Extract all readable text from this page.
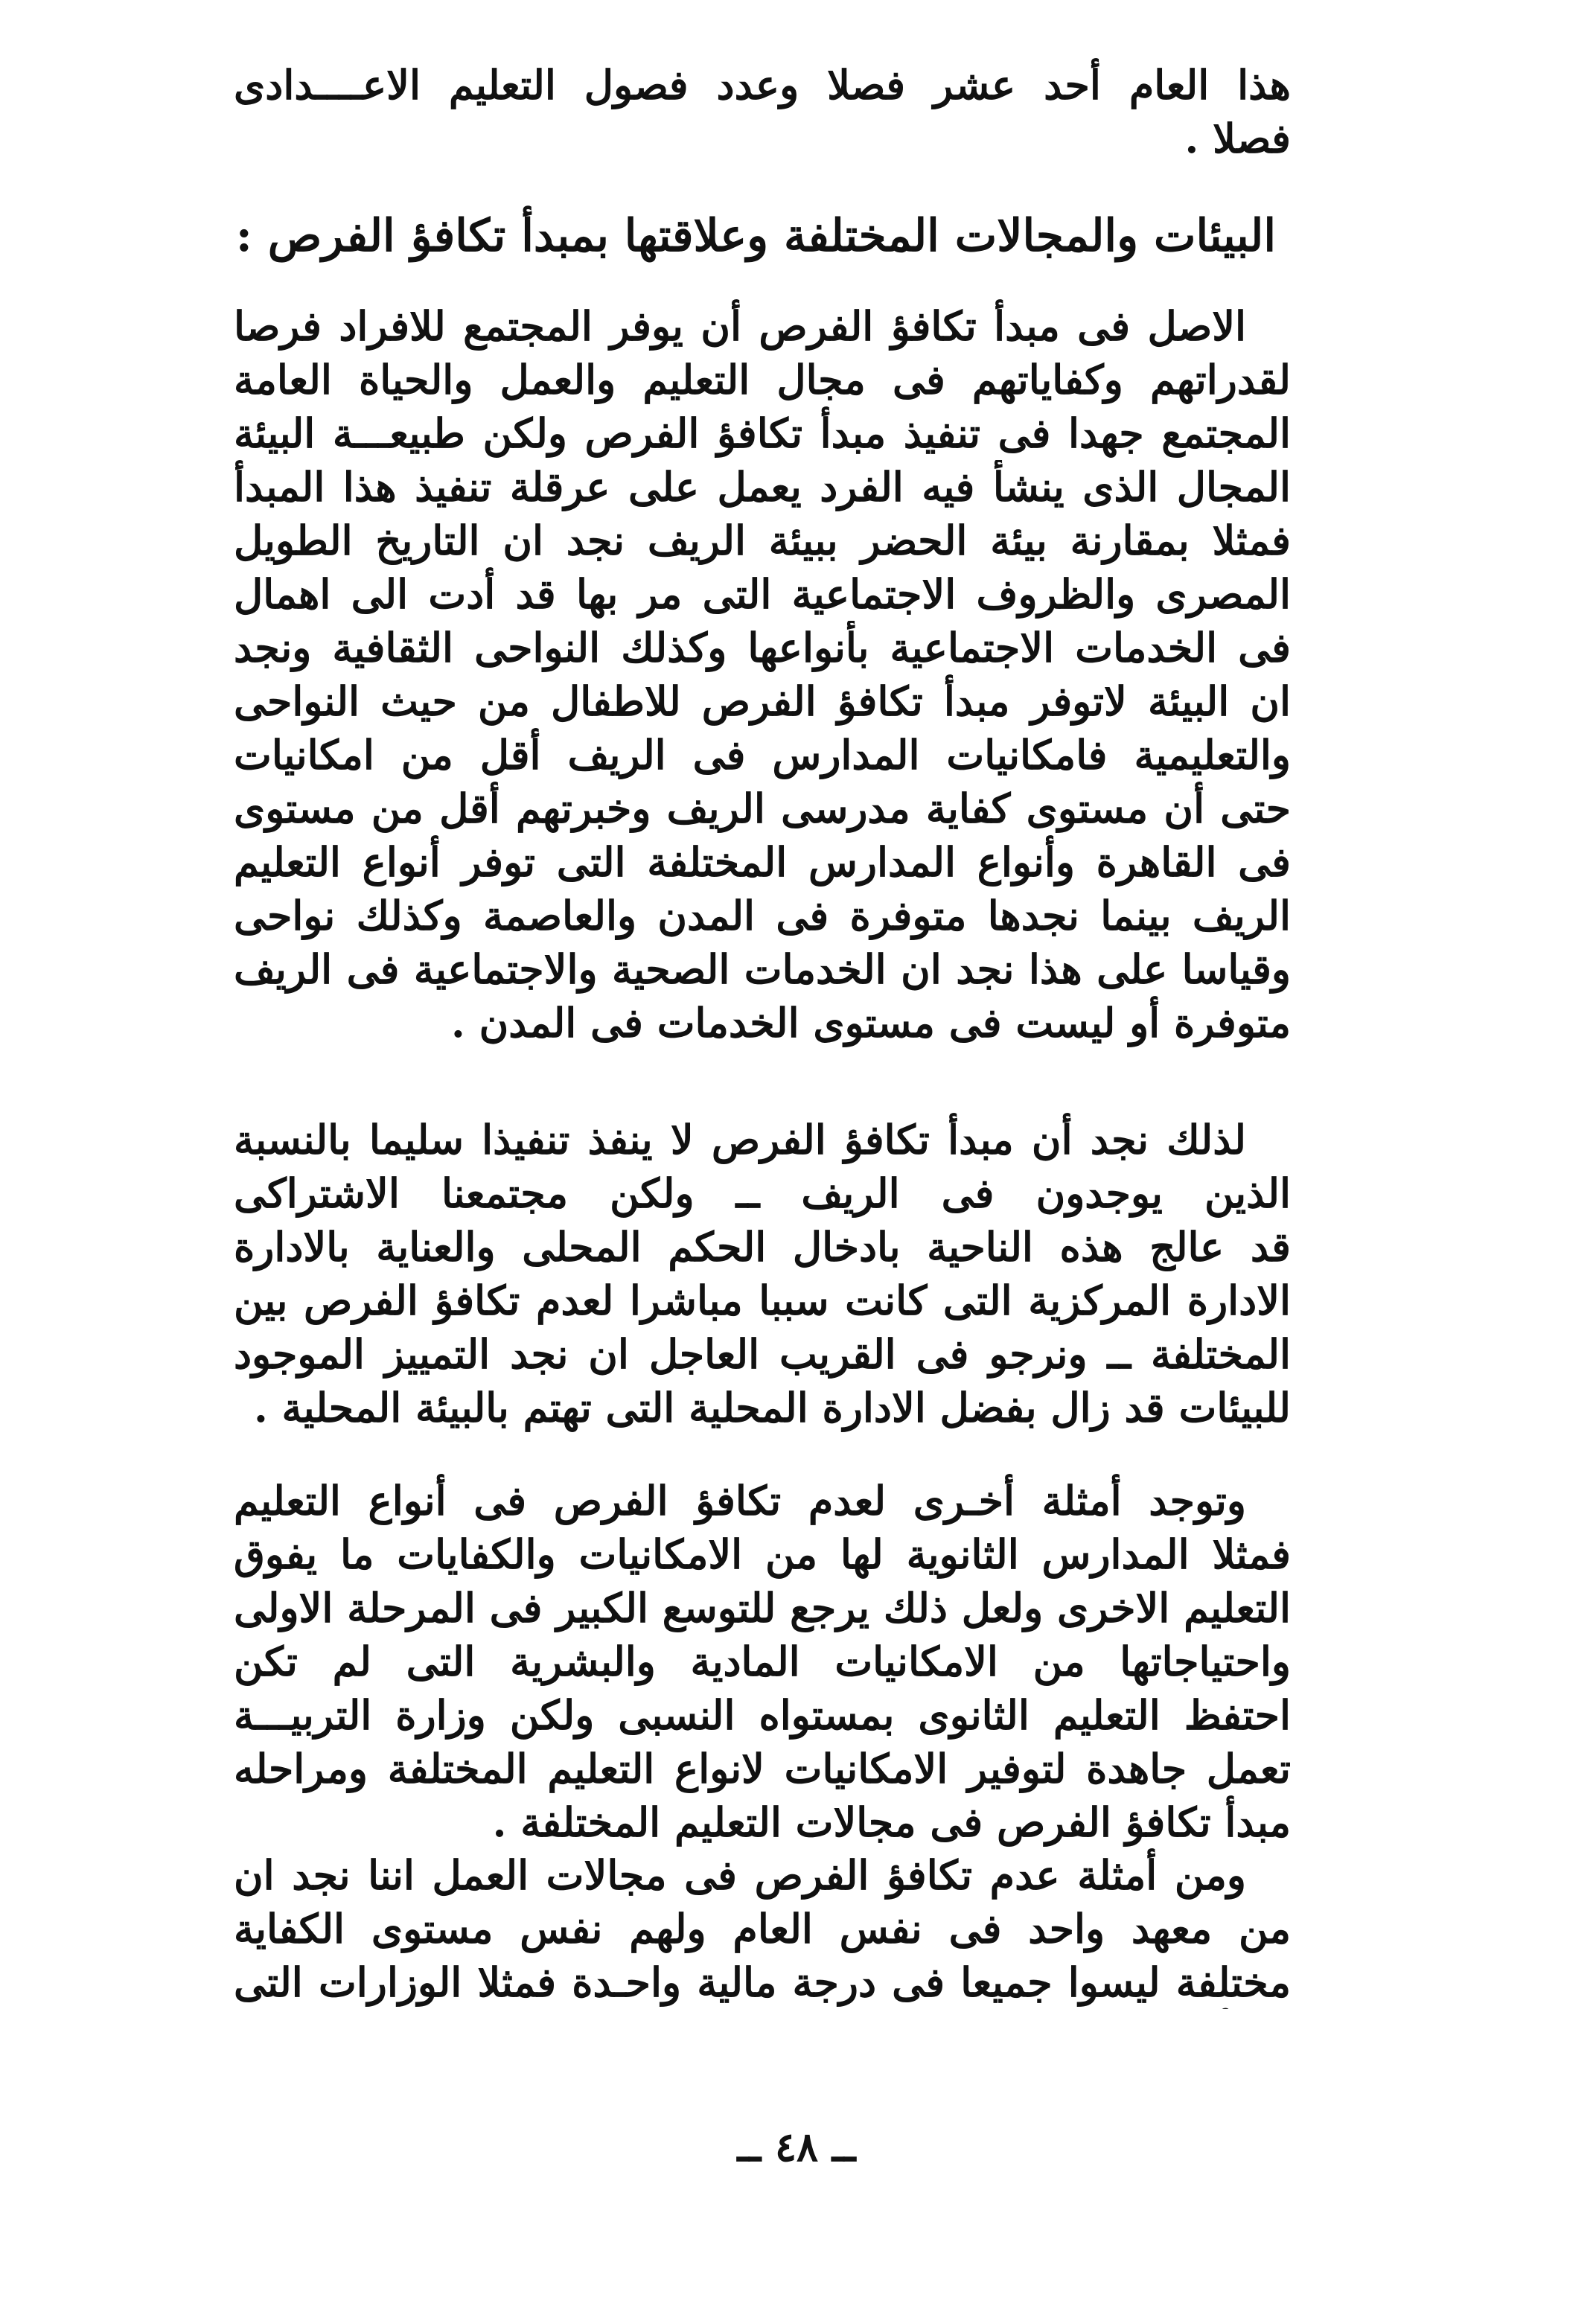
هذا العام أحد عشر فصلا وعدد فصول التعليم الاعــــدادى
فصلا .
البيئات والمجالات المختلفة وعلاقتها بمبدأ تكافؤ الفرص :
الاصل فى مبدأ تكافؤ الفرص أن يوفر المجتمع للافراد فرصا
لقدراتهم وكفاياتهم فى مجال التعليم والعمل والحياة العامة
المجتمع جهدا فى تنفيذ مبدأ تكافؤ الفرص ولكن طبيعـــة البيئة
المجال الذى ينشأ فيه الفرد يعمل على عرقلة تنفيذ هذا المبدأ
فمثلا بمقارنة بيئة الحضر ببيئة الريف نجد ان التاريخ الطويل
المصرى والظروف الاجتماعية التى مر بها قد أدت الى اهمال
فى الخدمات الاجتماعية بأنواعها وكذلك النواحى الثقافية ونجد
ان البيئة لاتوفر مبدأ تكافؤ الفرص للاطفال من حيث النواحى
والتعليمية فامكانيات المدارس فى الريف أقل من امكانيات
حتى أن مستوى كفاية مدرسى الريف وخبرتهم أقل من مستوى
فى القاهرة وأنواع المدارس المختلفة التى توفر أنواع التعليم
الريف بينما نجدها متوفرة فى المدن والعاصمة وكذلك نواحى
وقياسا على هذا نجد ان الخدمات الصحية والاجتماعية فى الريف
متوفرة أو ليست فى مستوى الخدمات فى المدن .
لذلك نجد أن مبدأ تكافؤ الفرص لا ينفذ تنفيذا سليما بالنسبة
الذين يوجدون فى الريف ــ ولكن مجتمعنا الاشتراكى
قد عالج هذه الناحية بادخال الحكم المحلى والعناية بالادارة
الادارة المركزية التى كانت سببا مباشرا لعدم تكافؤ الفرص بين
المختلفة ــ ونرجو فى القريب العاجل ان نجد التمييز الموجود
للبيئات قد زال بفضل الادارة المحلية التى تهتم بالبيئة المحلية .
وتوجد أمثلة أخـرى لعدم تكافؤ الفرص فى أنواع التعليم
فمثلا المدارس الثانوية لها من الامكانيات والكفايات ما يفوق
التعليم الاخرى ولعل ذلك يرجع للتوسع الكبير فى المرحلة الاولى
واحتياجاتها من الامكانيات المادية والبشرية التى لم تكن
احتفظ التعليم الثانوى بمستواه النسبى ولكن وزارة التربيـــة
تعمل جاهدة لتوفير الامكانيات لانواع التعليم المختلفة ومراحله
مبدأ تكافؤ الفرص فى مجالات التعليم المختلفة .
ومن أمثلة عدم تكافؤ الفرص فى مجالات العمل اننا نجد ان
من معهد واحد فى نفس العام ولهم نفس مستوى الكفاية
مختلفة ليسوا جميعا فى درجة مالية واحـدة فمثلا الوزارات التى
ــ ٤٨ ــ
